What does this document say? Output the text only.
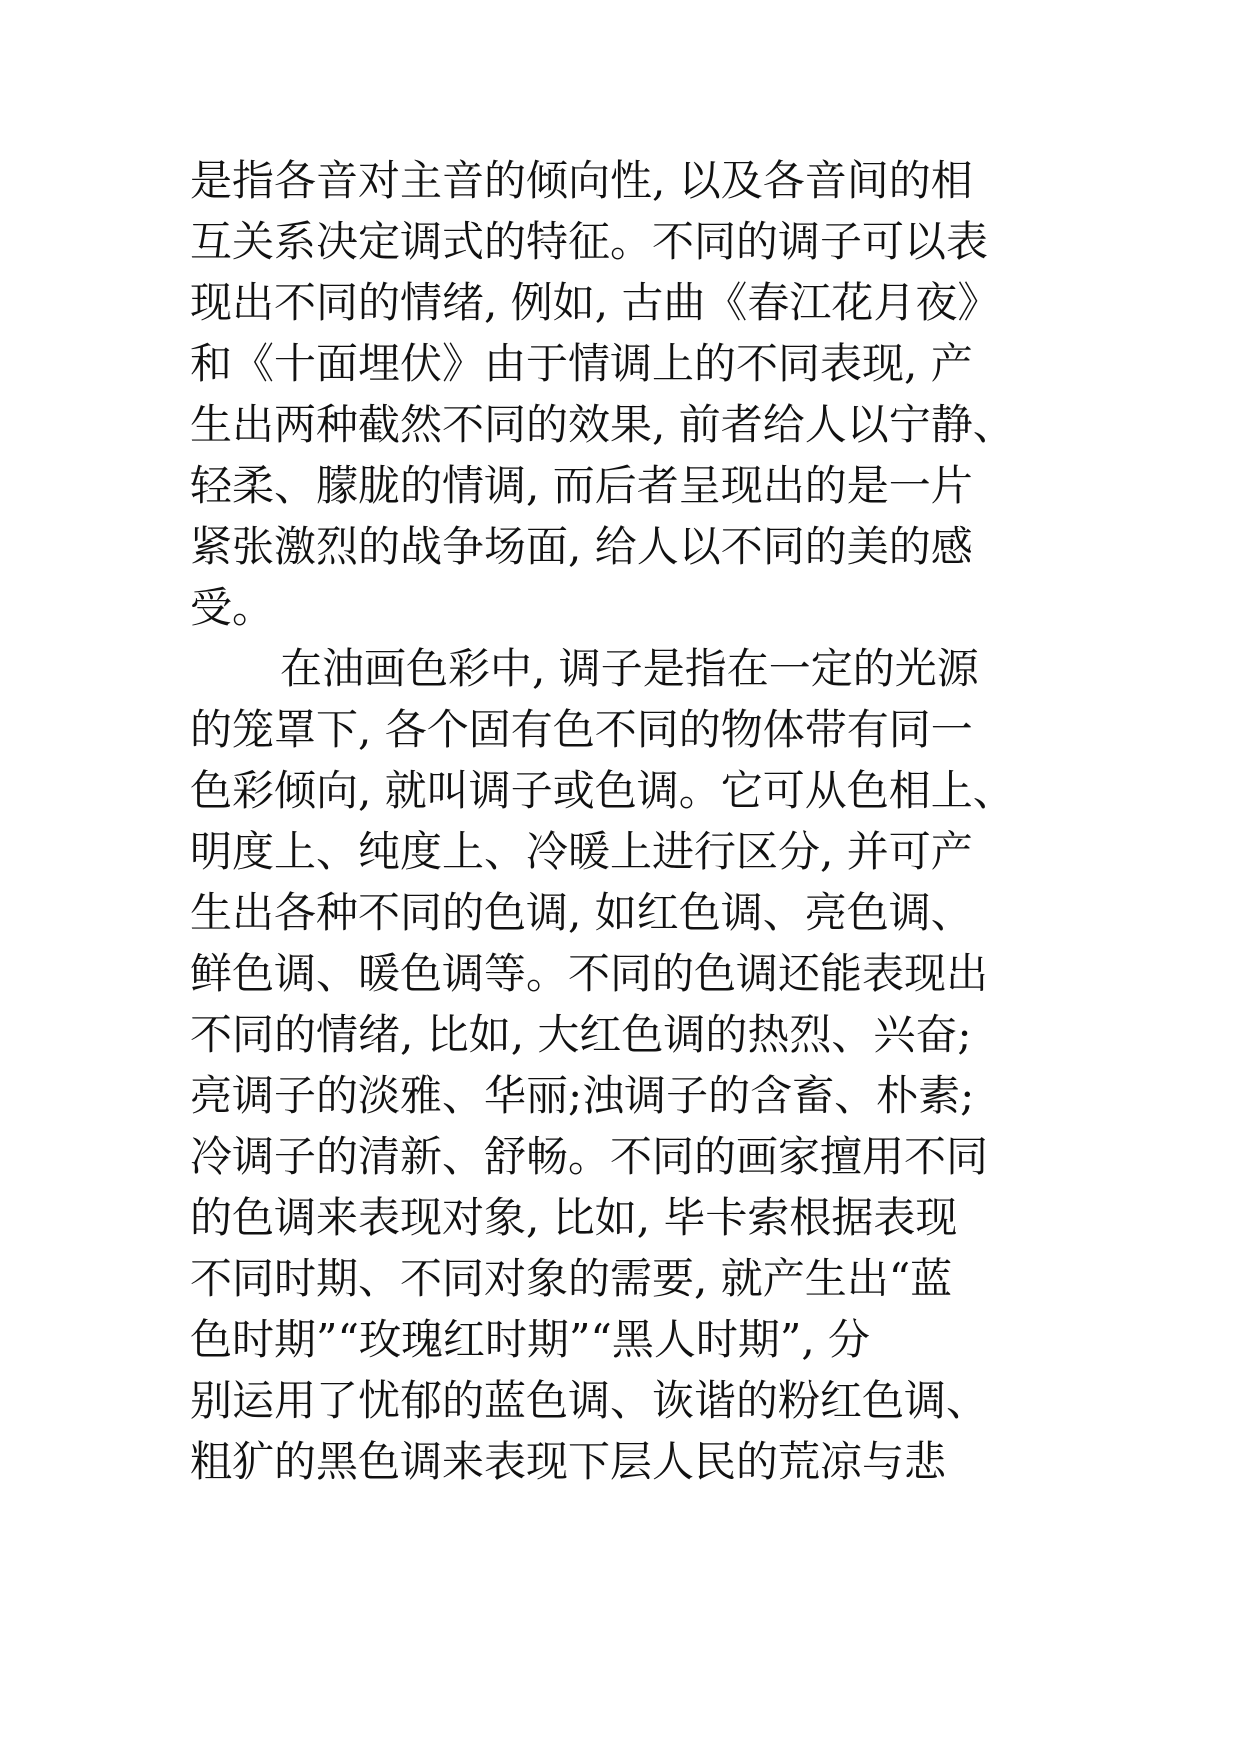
是指各音对主音的倾向性, 以及各音间的相
互关系决定调式的特征。不同的调子可以表
现出不同的情绪, 例如, 古曲《春江花月夜》
和《十面埋伏》由于情调上的不同表现, 产
生出两种截然不同的效果, 前者给人以宁静、
轻柔、朦胧的情调, 而后者呈现出的是一片
紧张激烈的战争场面, 给人以不同的美的感
受。
在油画色彩中, 调子是指在一定的光源
的笼罩下, 各个固有色不同的物体带有同一
色彩倾向, 就叫调子或色调。它可从色相上、
明度上、纯度上、冷暖上进行区分, 并可产
生出各种不同的色调, 如红色调、亮色调、
鲜色调、暖色调等。不同的色调还能表现出
不同的情绪, 比如, 大红色调的热烈、兴奋;
亮调子的淡雅、华丽;浊调子的含畜、朴素;
冷调子的清新、舒畅。不同的画家擅用不同
的色调来表现对象, 比如, 毕卡索根据表现
不同时期、不同对象的需要, 就产生出“蓝
色时期”“玫瑰红时期”“黑人时期”, 分
别运用了忧郁的蓝色调、诙谐的粉红色调、
粗犷的黑色调来表现下层人民的荒凉与悲
